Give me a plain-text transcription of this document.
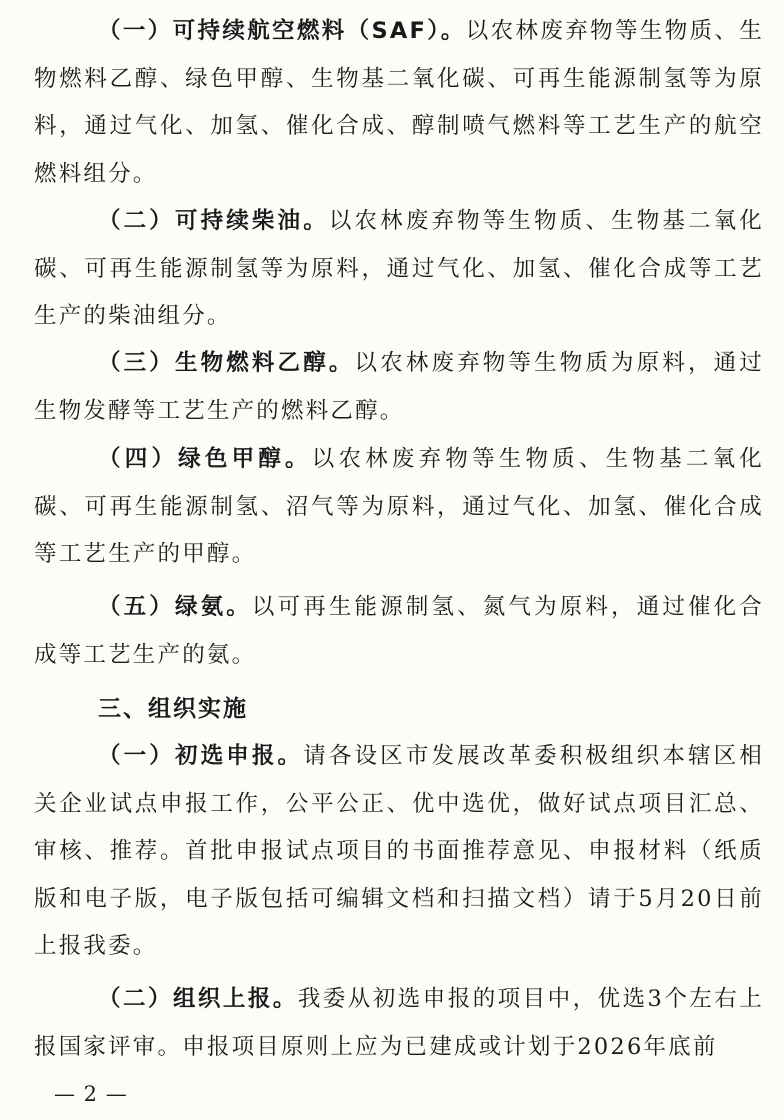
（一）可持续航空燃料（SAF）。以农林废弃物等生物质、生物燃料乙醇、绿色甲醇、生物基二氧化碳、可再生能源制氢等为原料，通过气化、加氢、催化合成、醇制喷气燃料等工艺生产的航空燃料组分。

（二）可持续柴油。以农林废弃物等生物质、生物基二氧化碳、可再生能源制氢等为原料，通过气化、加氢、催化合成等工艺生产的柴油组分。

（三）生物燃料乙醇。以农林废弃物等生物质为原料，通过生物发酵等工艺生产的燃料乙醇。

（四）绿色甲醇。以农林废弃物等生物质、生物基二氧化碳、可再生能源制氢、沼气等为原料，通过气化、加氢、催化合成等工艺生产的甲醇。

（五）绿氨。以可再生能源制氢、氮气为原料，通过催化合成等工艺生产的氨。

三、组织实施

（一）初选申报。请各设区市发展改革委积极组织本辖区相关企业试点申报工作，公平公正、优中选优，做好试点项目汇总、审核、推荐。首批申报试点项目的书面推荐意见、申报材料（纸质版和电子版，电子版包括可编辑文档和扫描文档）请于5月20日前上报我委。

（二）组织上报。我委从初选申报的项目中，优选3个左右上报国家评审。申报项目原则上应为已建成或计划于2026年底前

— 2 —
